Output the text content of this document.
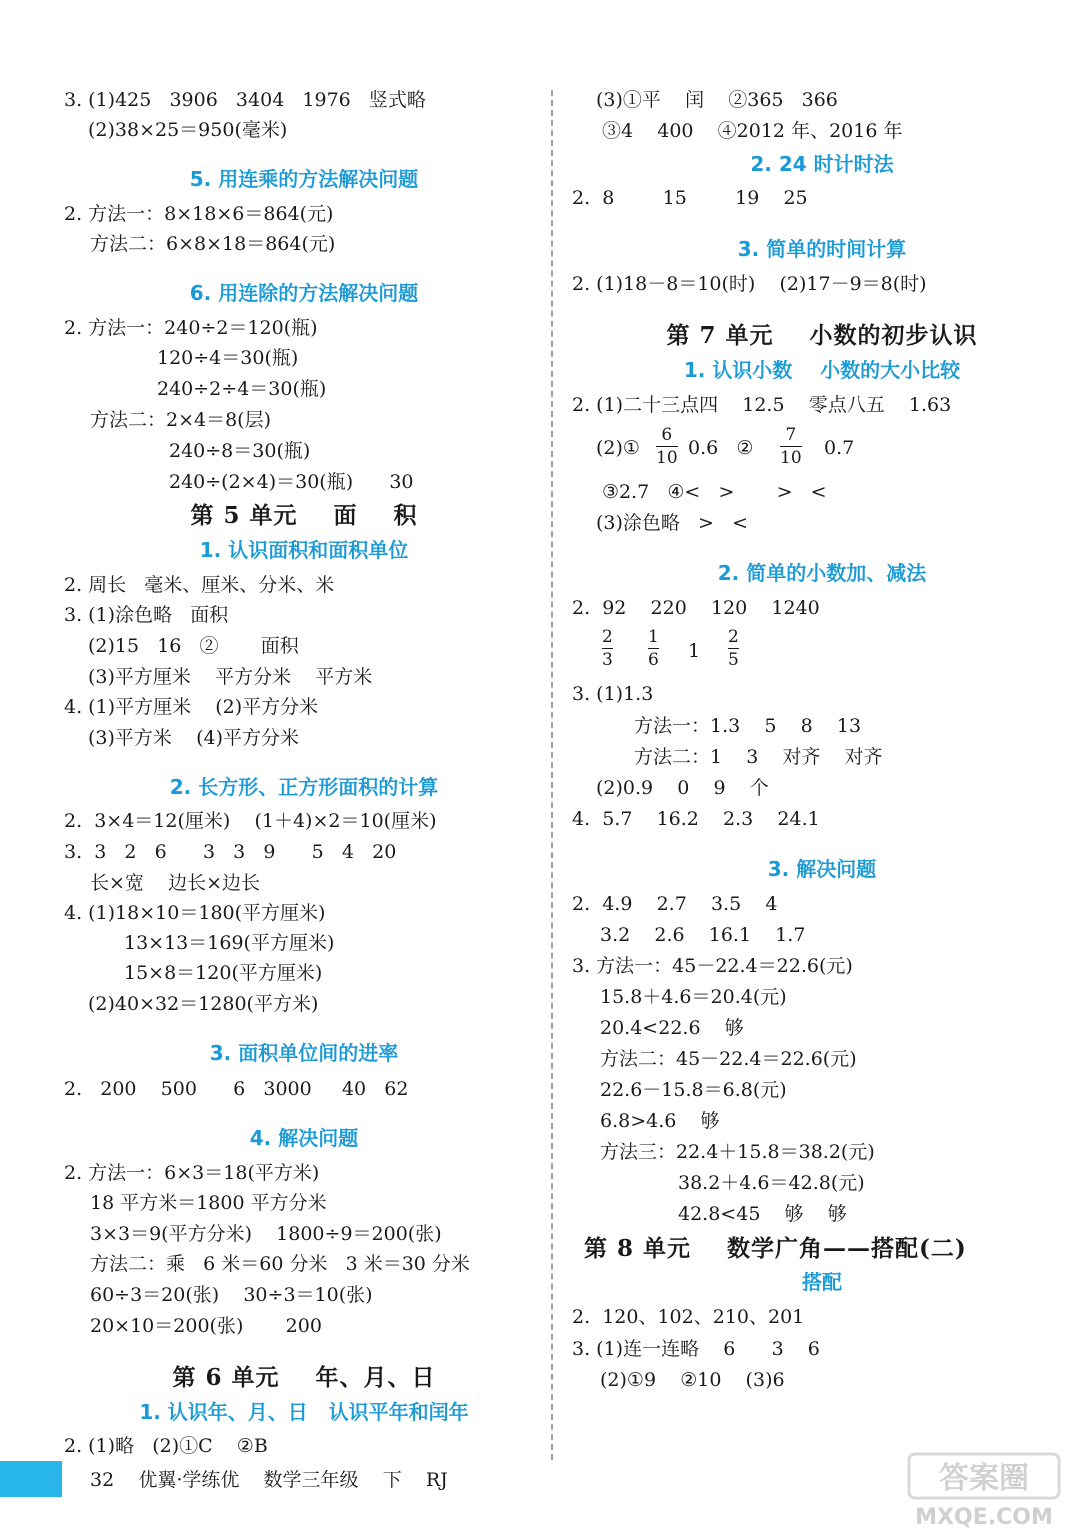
3. (1)425   3906   3404   1976   竖式略
(2)38×25＝950(毫米)
5. 用连乘的方法解决问题
2. 方法一：8×18×6＝864(元)
方法二：6×8×18＝864(元)
6. 用连除的方法解决问题
2. 方法一：240÷2＝120(瓶)
120÷4＝30(瓶)
240÷2÷4＝30(瓶)
方法二：2×4＝8(层)
240÷8＝30(瓶)
240÷(2×4)＝30(瓶)      30
第 5 单元    面    积
1. 认识面积和面积单位
2. 周长   毫米、厘米、分米、米
3. (1)涂色略   面积
(2)15   16   ②       面积
(3)平方厘米    平方分米    平方米
4. (1)平方厘米    (2)平方分米
(3)平方米    (4)平方分米
2. 长方形、正方形面积的计算
2.  3×4＝12(厘米)    (1＋4)×2＝10(厘米)
3.  3   2   6      3   3   9      5   4   20
长×宽    边长×边长
4. (1)18×10＝180(平方厘米)
13×13＝169(平方厘米)
15×8＝120(平方厘米)
(2)40×32＝1280(平方米)
3. 面积单位间的进率
2.   200    500      6   3000     40   62
4. 解决问题
2. 方法一：6×3＝18(平方米)
18 平方米＝1800 平方分米
3×3＝9(平方分米)    1800÷9＝200(张)
方法二：乘   6 米＝60 分米   3 米＝30 分米
60÷3＝20(张)    30÷3＝10(张)
20×10＝200(张)       200
第 6 单元    年、月、日
1. 认识年、月、日   认识平年和闰年
2. (1)略   (2)①C    ②B
(3)①平    闰    ②365   366
③4    400    ④2012 年、2016 年
2. 24 时计时法
2.  8        15        19    25
3. 简单的时间计算
2. (1)18－8＝10(时)    (2)17－9＝8(时)
第 7 单元    小数的初步认识
1. 认识小数    小数的大小比较
2. (1)二十三点四    12.5    零点八五    1.63
(2)①
6
10 0.6   ②
7
10 0.7
③2.7   ④<   >       >   <
(3)涂色略   >   <
2. 简单的小数加、减法
2.  92    220    120    1240
2
3
1
6 1
2
5
3. (1)1.3
方法一：1.3    5    8    13
方法二：1    3    对齐    对齐
(2)0.9    0    9    个
4.  5.7    16.2    2.3    24.1
3. 解决问题
2.  4.9    2.7    3.5    4
3.2    2.6    16.1    1.7
3. 方法一：45－22.4＝22.6(元)
15.8＋4.6＝20.4(元)
20.4<22.6    够
方法二：45－22.4＝22.6(元)
22.6－15.8＝6.8(元)
6.8>4.6    够
方法三：22.4＋15.8＝38.2(元)
38.2＋4.6＝42.8(元)
42.8<45    够    够
第 8 单元    数学广角——搭配(二)
搭配
2.  120、102、210、201
3. (1)连一连略    6      3    6
(2)①9    ②10    (3)6
32    优翼·学练优    数学三年级    下    RJ	答案圈
MXQE.COM
